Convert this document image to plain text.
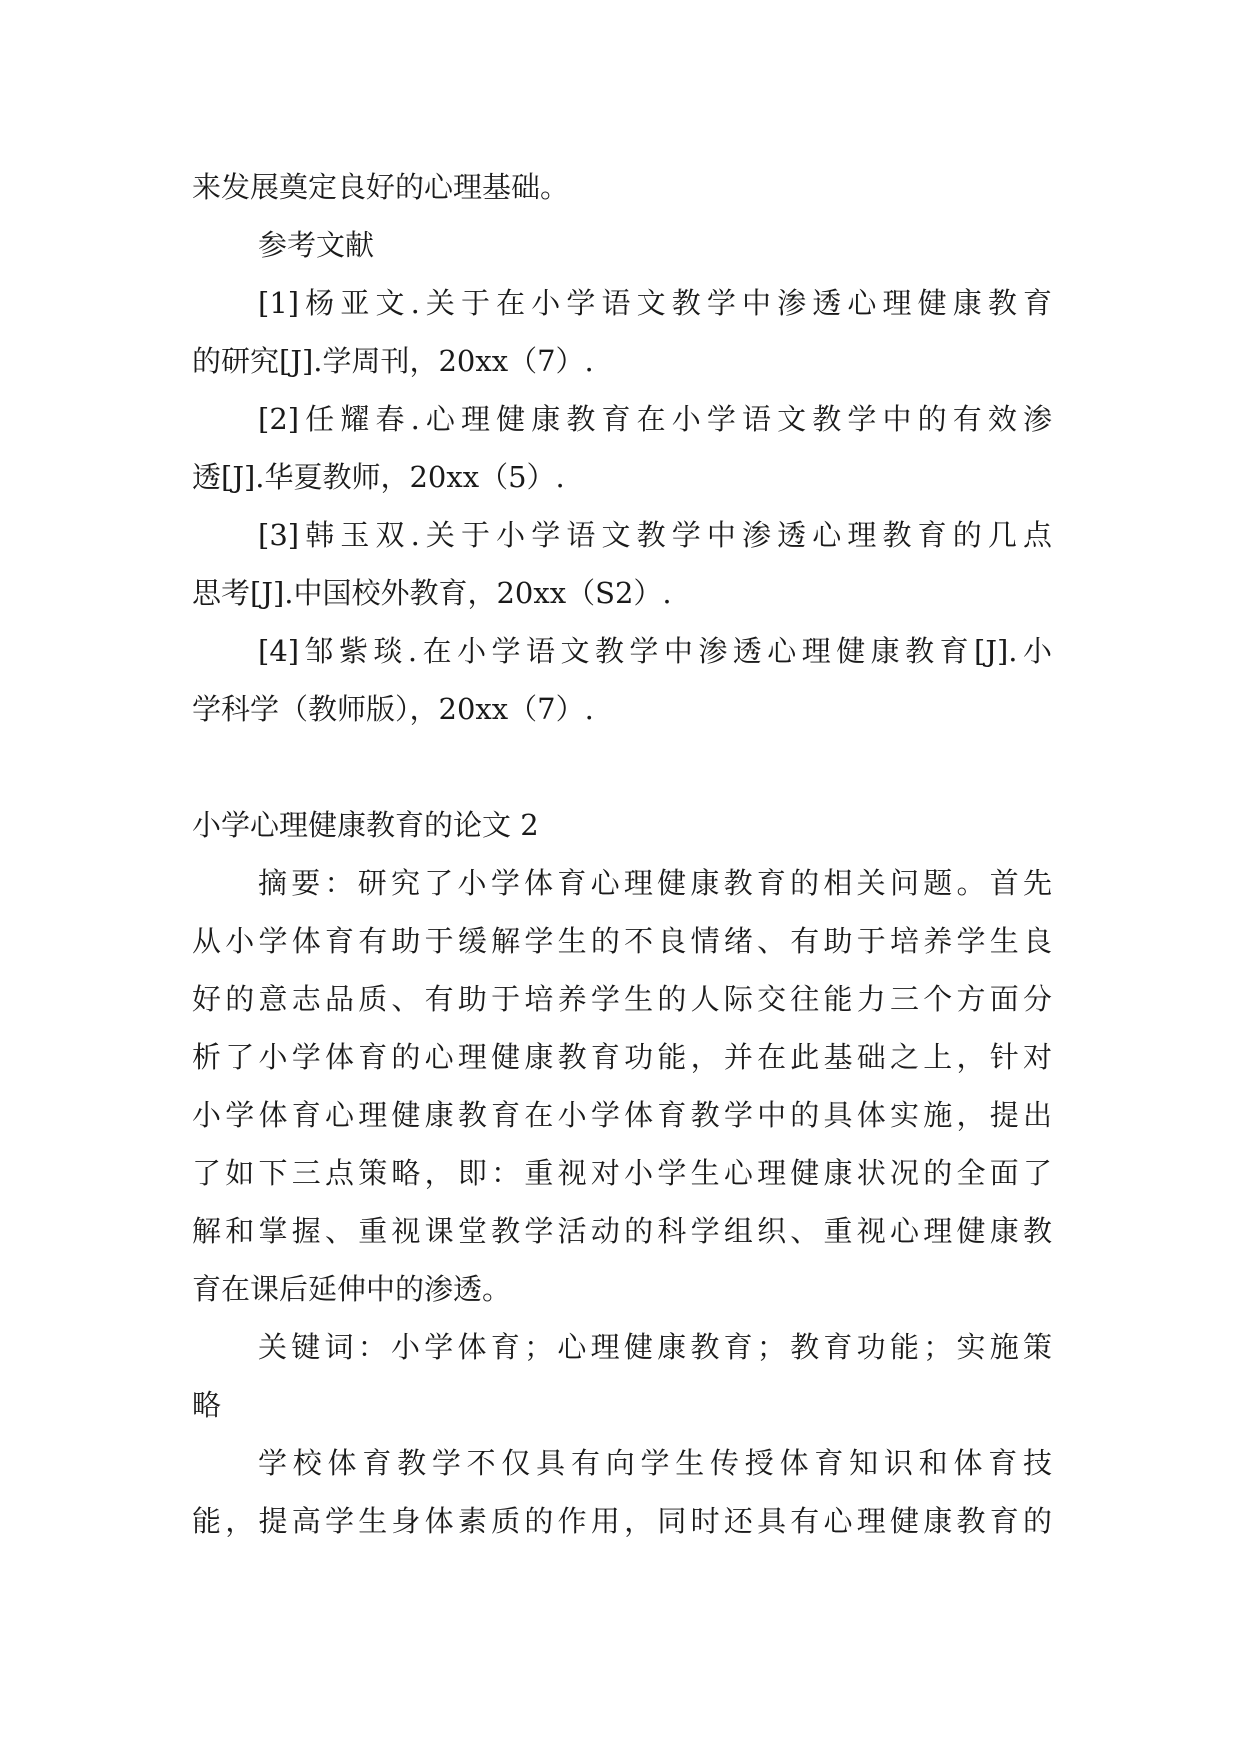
来发展奠定良好的心理基础。
参考文献
[1]杨亚文.关于在小学语文教学中渗透心理健康教育
的研究[J].学周刊，20xx（7）.
[2]任耀春.心理健康教育在小学语文教学中的有效渗
透[J].华夏教师，20xx（5）.
[3]韩玉双.关于小学语文教学中渗透心理教育的几点
思考[J].中国校外教育，20xx（S2）.
[4]邹紫琰.在小学语文教学中渗透心理健康教育[J].小
学科学（教师版），20xx（7）.
小学心理健康教育的论文 2
摘要：研究了小学体育心理健康教育的相关问题。首先
从小学体育有助于缓解学生的不良情绪、有助于培养学生良
好的意志品质、有助于培养学生的人际交往能力三个方面分
析了小学体育的心理健康教育功能，并在此基础之上，针对
小学体育心理健康教育在小学体育教学中的具体实施，提出
了如下三点策略，即：重视对小学生心理健康状况的全面了
解和掌握、重视课堂教学活动的科学组织、重视心理健康教
育在课后延伸中的渗透。
关键词：小学体育；心理健康教育；教育功能；实施策
略
学校体育教学不仅具有向学生传授体育知识和体育技
能，提高学生身体素质的作用，同时还具有心理健康教育的
